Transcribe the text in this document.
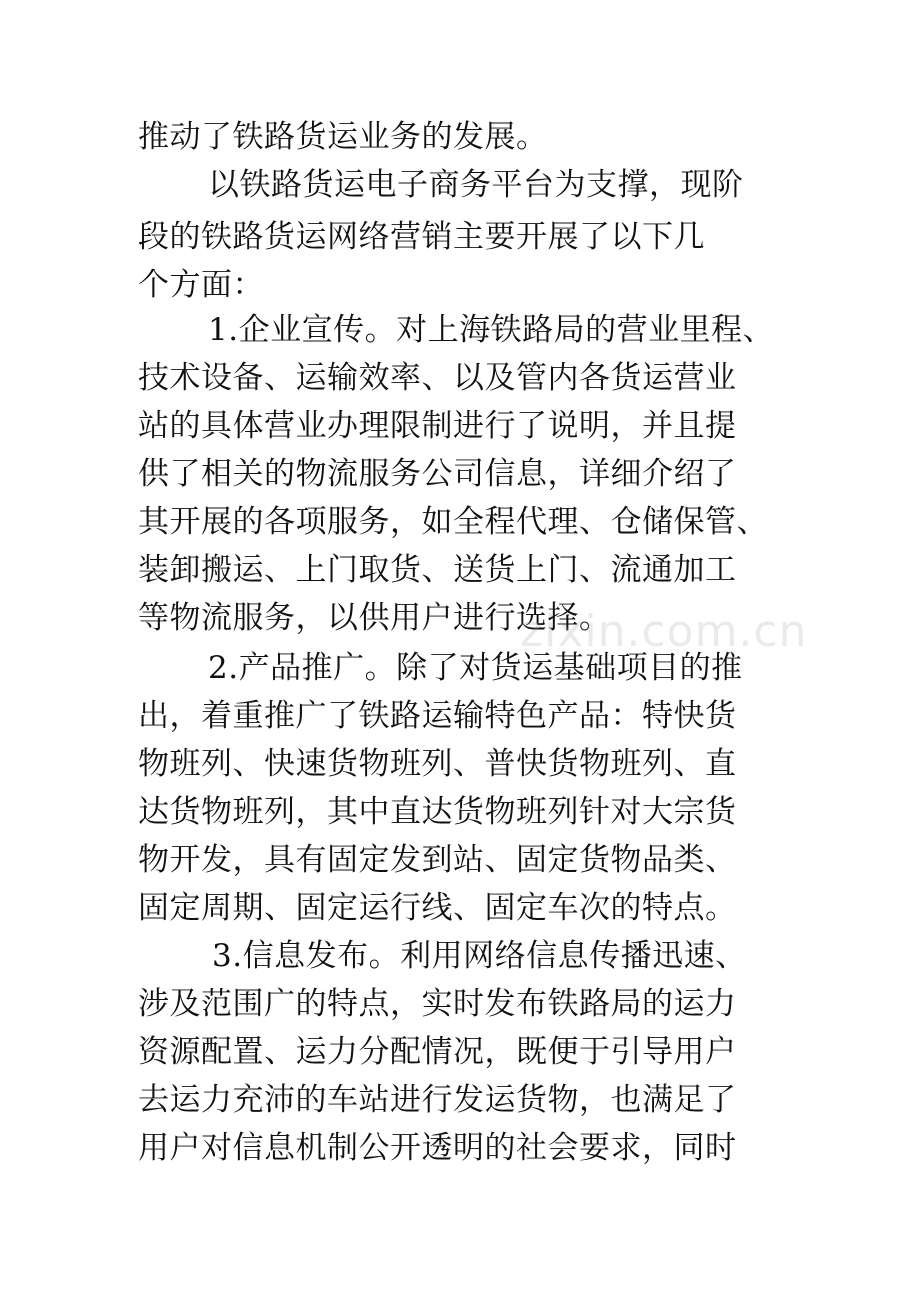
推动了铁路货运业务的发展。
以铁路货运电子商务平台为支撑，现阶
段的铁路货运网络营销主要开展了以下几
个方面：
1.企业宣传。对上海铁路局的营业里程、
技术设备、运输效率、以及管内各货运营业
站的具体营业办理限制进行了说明，并且提
供了相关的物流服务公司信息，详细介绍了
其开展的各项服务，如全程代理、仓储保管、
装卸搬运、上门取货、送货上门、流通加工
等物流服务，以供用户进行选择。
2.产品推广。除了对货运基础项目的推
出，着重推广了铁路运输特色产品：特快货
物班列、快速货物班列、普快货物班列、直
达货物班列，其中直达货物班列针对大宗货
物开发，具有固定发到站、固定货物品类、
固定周期、固定运行线、固定车次的特点。
3.信息发布。利用网络信息传播迅速、
涉及范围广的特点，实时发布铁路局的运力
资源配置、运力分配情况，既便于引导用户
去运力充沛的车站进行发运货物，也满足了
用户对信息机制公开透明的社会要求，同时
zixin.com.cn
